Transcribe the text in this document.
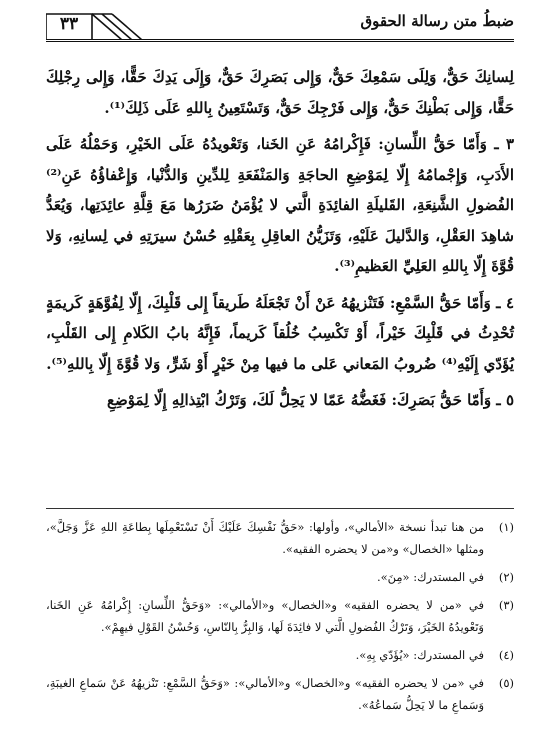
٣٣	ضبطُ متن رسالة الحقوق

لِسانِكَ حَقٌّ، وَلِلَى سَمْعِكَ حَقٌّ، وَإِلى بَصَرِكَ حَقٌّ، وَإِلَى يَدِكَ حَقًّا، وَإِلى رِجْلِكَ حَقًّا، وَإِلى بَطْنِكَ حَقٌّ، وَإِلى فَرْجِكَ حَقٌّ، وَتَسْتَعِينُ بِاللهِ عَلَى ذَلِكَ⁽¹⁾.

٣ ـ وَأَمّا حَقُّ اللِّسانِ: فَإِكْرامُهُ عَنِ الخَنا، وَتَعْويدُهُ عَلَى الخَيْرِ، وَحَمْلُهُ عَلَى الأَدَبِ، وَإِجْمامُهُ إِلّا لِمَوْضِعِ الحاجَةِ وَالمَنْفَعَةِ لِلدِّينِ وَالدُّنْيا، وَإِعْفاؤُهُ عَنِ⁽²⁾ الفُضولِ الشَّنِعَةِ، القَليلَةِ الفائِدَةِ الَّتي لا يُؤْمَنُ ضَرَرُها مَعَ قِلَّةِ عائِدَتِها، وَيُعَدُّ شاهِدَ العَقْلِ، وَالدَّليلَ عَلَيْهِ، وَتَزَيُّنُ العاقِلِ بِعَقْلِهِ حُسْنُ سيرَتِهِ في لِسانِهِ، وَلا قُوَّةَ إِلّا بِاللهِ العَلِيِّ العَظيمِ⁽³⁾.

٤ ـ وَأَمّا حَقُّ السَّمْعِ: فَتَنْزيهُهُ عَنْ أَنْ تَجْعَلَهُ طَريقاً إِلى قَلْبِكَ، إِلّا لِفُوَّهَةٍ كَريمَةٍ تُحْدِثُ في قَلْبِكَ خَيْراً، أَوْ تَكْسِبُ خُلُقاً كَريماً، فَإِنَّهُ بابُ الكَلامِ إِلى القَلْبِ، يُؤَدّي إِلَيْهِ⁽⁴⁾ ضُروبُ المَعاني عَلى ما فيها مِنْ خَيْرٍ أَوْ شَرٍّ، وَلا قُوَّةَ إِلّا بِاللهِ⁽⁵⁾.

٥ ـ وَأَمّا حَقُّ بَصَرِكَ: فَغَضُّهُ عَمّا لا يَحِلُّ لَكَ، وَتَرْكُ ابْتِذالِهِ إِلّا لِمَوْضِعِ

(١)
من هنا تبدأ نسخة «الأمالي»، وأولها: «حَقُّ نَفْسِكَ عَلَيْكَ أَنْ تَسْتَعْمِلَها بِطاعَةِ اللهِ عَزَّ وَجَلَّ»، ومثلها «الخصال» و«من لا يحضره الفقيه».
(٢)
في المستدرك: «مِنَ».
(٣)
في «من لا يحضره الفقيه» و«الخصال» و«الأمالي»: «وَحَقُّ اللِّسانِ: إِكْرامُهُ عَنِ الخَنا، وَتَعْويدُهُ الخَيْرَ، وَتَرْكُ الفُضولِ الَّتي لا فائِدَةَ لَها، وَالبِرُّ بِالنّاسِ، وَحُسْنُ القَوْلِ فيهِمْ».
(٤)
في المستدرك: «يُؤَدّي بِهِ».
(٥)
في «من لا يحضره الفقيه» و«الخصال» و«الأمالي»: «وَحَقُّ السَّمْعِ: تَنْزيهُهُ عَنْ سَماعِ الغيبَةِ، وَسَماعِ ما لا يَحِلُّ سَماعُهُ».
